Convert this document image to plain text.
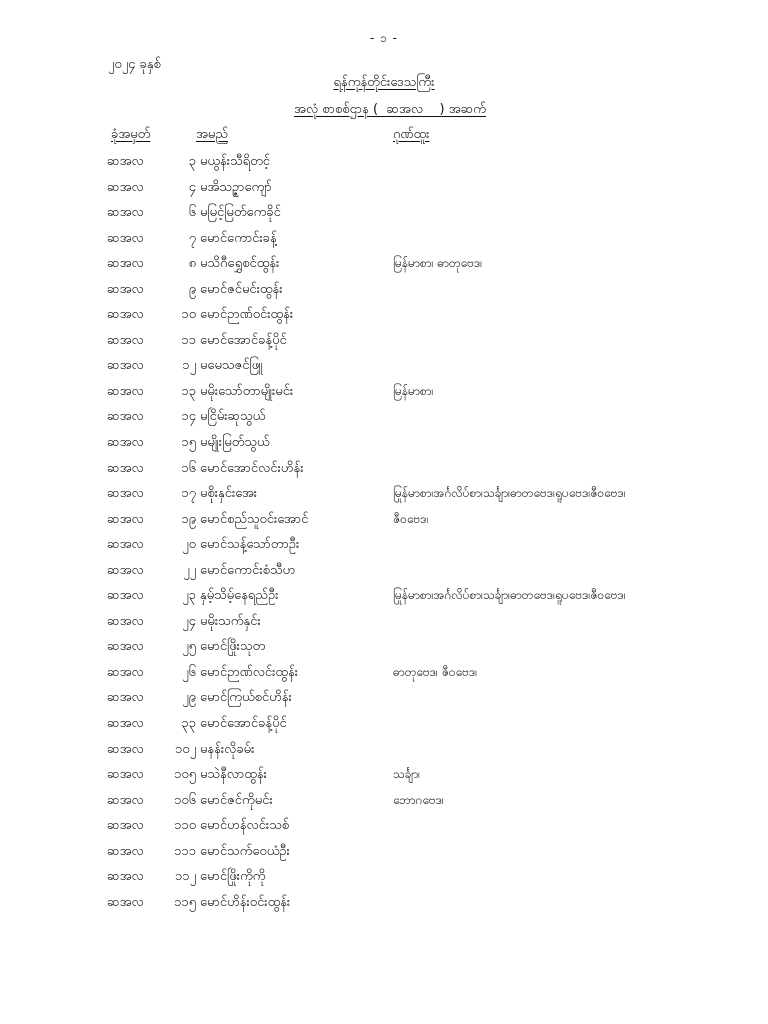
- ၁ -
၂၀၂၄ ခုနှစ်
ရန်ကုန်တိုင်းဒေသကြီး
အလုံ စာစစ်ဌာန (  ဆအလ    ) အဆက်
ခုံအမှတ်	အမည်	ဂုဏ်ထူး
ဆအလ	၃ မယွန်းသီရိတင့်
ဆအလ	၄ မအိသဉ္ဇာကျော်
ဆအလ	၆ မမြင့်မြတ်ကေခိုင်
ဆအလ	၇ မောင်ကောင်းခန့်
ဆအလ	၈ မသိဂီရွှေစင်ထွန်း	မြန်မာစာ၊ ဓာတုဗေဒ၊
ဆအလ	၉ မောင်ဇင်မင်းထွန်း
ဆအလ	၁၀ မောင်ဉာဏ်ဝင်းထွန်း
ဆအလ	၁၁ မောင်အောင်ခန့်ပိုင်
ဆအလ	၁၂ မမေသဇင်ဖြူ
ဆအလ	၁၃ မမိုးသော်တာမျိုးမင်း	မြန်မာစာ၊
ဆအလ	၁၄ မငြိမ်းဆုသွယ်
ဆအလ	၁၅ မမျိုးမြတ်သွယ်
ဆအလ	၁၆ မောင်အောင်လင်းဟိန်း
ဆအလ	၁၇ မစိုးနှင်းအေး	မြန်မာစာ၊အင်္ဂလိပ်စာ၊သင်္ချာ၊ဓာတုဗေဒ၊ရူပဗေဒ၊ဇီဝဗေဒ၊
ဆအလ	၁၉ မောင်စည်သူဝင်းအောင်	ဇီဝဗေဒ၊
ဆအလ	၂၀ မောင်သန့်သော်တာဦး
ဆအလ	၂၂ မောင်ကောင်းစံသီဟ
ဆအလ	၂၃ နှမ့်သိမ့်နေရည်ဦး	မြန်မာစာ၊အင်္ဂလိပ်စာ၊သင်္ချာ၊ဓာတုဗေဒ၊ရူပဗေဒ၊ဇီဝဗေဒ၊
ဆအလ	၂၄ မမိုးသက်နှင်း
ဆအလ	၂၅ မောင်ဖြိုးသုတ
ဆအလ	၂၆ မောင်ဉာဏ်လင်းထွန်း	ဓာတုဗေဒ၊ ဇီဝဗေဒ၊
ဆအလ	၂၉ မောင်ကြယ်စင်ဟိန်း
ဆအလ	၃၃ မောင်အောင်ခန့်ပိုင်
ဆအလ ၁၀၂ မနန်းလိုခမ်း
ဆအလ ၁၀၅ မသဲနီလာထွန်း	သင်္ချာ၊
ဆအလ ၁၀၆ မောင်ဇင်ကိုမင်း	ဘောဂဗေဒ၊
ဆအလ ၁၁၀ မောင်ဟန်လင်းသစ်
ဆအလ ၁၁၁ မောင်သက်ဝေယံဦး
ဆအလ ၁၁၂ မောင်ဖြိုးကိုကို
ဆအလ ၁၁၅ မောင်ဟိန်းဝင်းထွန်း
